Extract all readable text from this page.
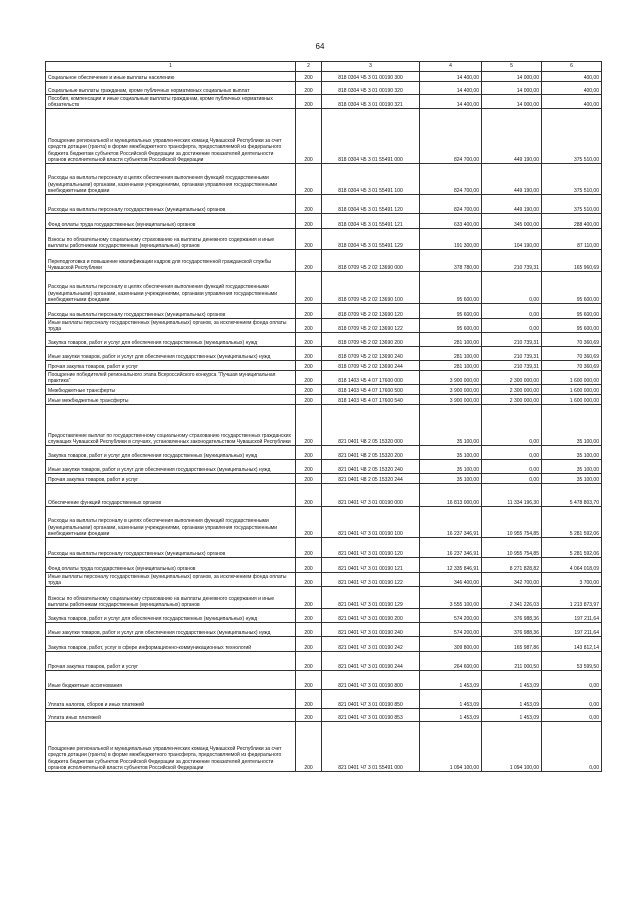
64
1	2	3	4	5	6
Социальное обеспечение и иные выплаты населению	200	818 0304 Ч5 3 01 00190 300	14 400,00	14 000,00	400,00
Социальные выплаты гражданам, кроме публичных нормативных социальных выплат	200	818 0304 Ч5 3 01 00190 320	14 400,00	14 000,00	400,00
Пособия, компенсации и иные социальные выплаты гражданам, кроме публичных нормативных обязательств	200	818 0304 Ч5 3 01 00190 321	14 400,00	14 000,00	400,00
Поощрение региональной и муниципальных управленческих команд Чувашской Республики за счет средств дотации (гранта) в форме межбюджетного трансферта, предоставляемой из федерального бюджета бюджетам субъектов Российской Федерации за достижение показателей деятельности органов исполнительной власти субъектов Российской Федерации	200	818 0304 Ч5 3 01 55491 000	824 700,00	449 190,00	375 510,00
Расходы на выплаты персоналу в целях обеспечения выполнения функций государственными (муниципальными) органами, казенными учреждениями, органами управления государственными внебюджетными фондами	200	818 0304 Ч5 3 01 55491 100	824 700,00	449 190,00	375 510,00
Расходы на выплаты персоналу государственных (муниципальных) органов	200	818 0304 Ч5 3 01 55491 120	824 700,00	449 190,00	375 510,00
Фонд оплаты труда государственных (муниципальных) органов	200	818 0304 Ч5 3 01 55491 121	633 400,00	345 000,00	288 400,00
Взносы по обязательному социальному страхованию на выплаты денежного содержания и иные выплаты работникам государственных (муниципальных) органов	200	818 0304 Ч5 3 01 55491 129	191 300,00	104 190,00	87 110,00
Переподготовка и повышение квалификации кадров для государственной гражданской службы Чувашской Республики	200	818 0709 Ч5 2 02 13690 000	378 780,00	210 739,31	165 960,69
Расходы на выплаты персоналу в целях обеспечения выполнения функций государственными (муниципальными) органами, казенными учреждениями, органами управления государственными внебюджетными фондами	200	818 0709 Ч5 2 02 13690 100	95 600,00	0,00	95 600,00
Расходы на выплаты персоналу государственных (муниципальных) органов	200	818 0709 Ч5 2 02 13690 120	95 600,00	0,00	95 600,00
Иные выплаты персоналу государственных (муниципальных) органов, за исключением фонда оплаты труда	200	818 0709 Ч5 2 02 13690 122	95 600,00	0,00	95 600,00
Закупка товаров, работ и услуг для обеспечения государственных (муниципальных) нужд	200	818 0709 Ч5 2 02 13690 200	281 100,00	210 739,31	70 360,69
Иные закупки товаров, работ и услуг для обеспечения государственных (муниципальных) нужд	200	818 0709 Ч5 2 02 13690 240	281 100,00	210 739,31	70 360,69
Прочая закупка товаров, работ и услуг	200	818 0709 Ч5 2 02 13690 244	281 100,00	210 739,31	70 360,69
Поощрение победителей регионального этапа Всероссийского конкурса "Лучшая муниципальная практика"	200	818 1403 Ч5 4 07 17600 000	3 900 000,00	2 300 000,00	1 600 000,00
Межбюджетные трансферты	200	818 1403 Ч5 4 07 17600 500	3 900 000,00	2 300 000,00	1 600 000,00
Иные межбюджетные трансферты	200	818 1403 Ч5 4 07 17600 540	3 900 000,00	2 300 000,00	1 600 000,00
Предоставление выплат по государственному социальному страхованию государственных гражданских служащих Чувашской Республики в случаях, установленных законодательством Чувашской Республики	200	821 0401 Ч8 2 05 15320 000	35 100,00	0,00	35 100,00
Закупка товаров, работ и услуг для обеспечения государственных (муниципальных) нужд	200	821 0401 Ч8 2 05 15320 200	35 100,00	0,00	35 100,00
Иные закупки товаров, работ и услуг для обеспечения государственных (муниципальных) нужд	200	821 0401 Ч8 2 05 15320 240	35 100,00	0,00	35 100,00
Прочая закупка товаров, работ и услуг	200	821 0401 Ч8 2 05 15320 244	35 100,00	0,00	35 100,00
Обеспечение функций государственных органов	200	821 0401 Ч7 3 01 00190 000	16 813 000,00	11 334 196,30	5 478 803,70
Расходы на выплаты персоналу в целях обеспечения выполнения функций государственными (муниципальными) органами, казенными учреждениями, органами управления государственными внебюджетными фондами	200	821 0401 Ч7 3 01 00190 100	16 237 346,91	10 955 754,85	5 281 592,06
Расходы на выплаты персоналу государственных (муниципальных) органов	200	821 0401 Ч7 3 01 00190 120	16 237 346,91	10 955 754,85	5 281 592,06
Фонд оплаты труда государственных (муниципальных) органов	200	821 0401 Ч7 3 01 00190 121	12 335 846,91	8 271 828,82	4 064 018,09
Иные выплаты персоналу государственных (муниципальных) органов, за исключением фонда оплаты труда	200	821 0401 Ч7 3 01 00190 122	346 400,00	342 700,00	3 700,00
Взносы по обязательному социальному страхованию на выплаты денежного содержания и иные выплаты работникам государственных (муниципальных) органов	200	821 0401 Ч7 3 01 00190 129	3 555 100,00	2 341 226,03	1 213 873,97
Закупка товаров, работ и услуг для обеспечения государственных (муниципальных) нужд	200	821 0401 Ч7 3 01 00190 200	574 200,00	376 988,36	197 211,64
Иные закупки товаров, работ и услуг для обеспечения государственных (муниципальных) нужд	200	821 0401 Ч7 3 01 00190 240	574 200,00	376 988,36	197 211,64
Закупка товаров, работ, услуг в сфере информационно-коммуникационных технологий	200	821 0401 Ч7 3 01 00190 242	309 800,00	165 987,86	143 812,14
Прочая закупка товаров, работ и услуг	200	821 0401 Ч7 3 01 00190 244	264 600,00	211 000,50	53 599,50
Иные бюджетные ассигнования	200	821 0401 Ч7 3 01 00190 800	1 453,09	1 453,09	0,00
Уплата налогов, сборов и иных платежей	200	821 0401 Ч7 3 01 00190 850	1 453,09	1 453,09	0,00
Уплата иных платежей	200	821 0401 Ч7 3 01 00190 853	1 453,09	1 453,09	0,00
Поощрение региональной и муниципальных управленческих команд Чувашской Республики за счет средств дотации (гранта) в форме межбюджетного трансферта, предоставляемой из федерального бюджета бюджетам субъектов Российской Федерации за достижение показателей деятельности органов исполнительной власти субъектов Российской Федерации	200	821 0401 Ч7 3 01 55491 000	1 094 100,00	1 094 100,00	0,00
